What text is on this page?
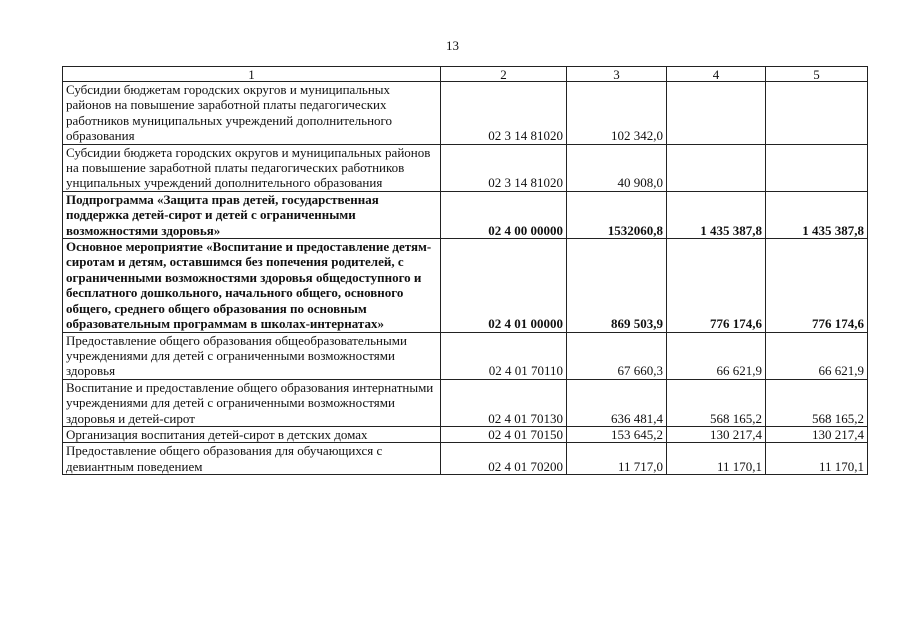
13
1	2	3	4	5
Субсидии бюджетам городских округов и муниципальных районов на повышение заработной платы педагогических работников муниципальных учреждений дополнительного образования	02 3 14 81020	102 342,0		
Субсидии бюджета городских округов и муниципальных районов на повышение заработной платы педагогических работников унципальных учреждений дополнительного образования	02 3 14 81020	40 908,0		
Подпрограмма «Защита прав детей, государственная поддержка детей-сирот и детей с ограниченными возможностями здоровья»	02 4 00 00000	1532060,8	1 435 387,8	1 435 387,8
Основное мероприятие «Воспитание и предоставление детям-сиротам и детям, оставшимся без попечения родителей, с ограниченными возможностями здоровья общедоступного и бесплатного дошкольного, начального общего, основного общего, среднего общего образования по основным образовательным программам в школах-интернатах»	02 4 01 00000	869 503,9	776 174,6	776 174,6
Предоставление общего образования общеобразовательными учреждениями для детей с ограниченными возможностями здоровья	02 4 01 70110	67 660,3	66 621,9	66 621,9
Воспитание и предоставление общего образования интернатными учреждениями для детей с ограниченными возможностями здоровья и детей-сирот	02 4 01 70130	636 481,4	568 165,2	568 165,2
Организация воспитания детей-сирот в детских домах	02 4 01 70150	153 645,2	130 217,4	130 217,4
Предоставление общего образования для обучающихся с девиантным поведением	02 4 01 70200	11 717,0	11 170,1	11 170,1
